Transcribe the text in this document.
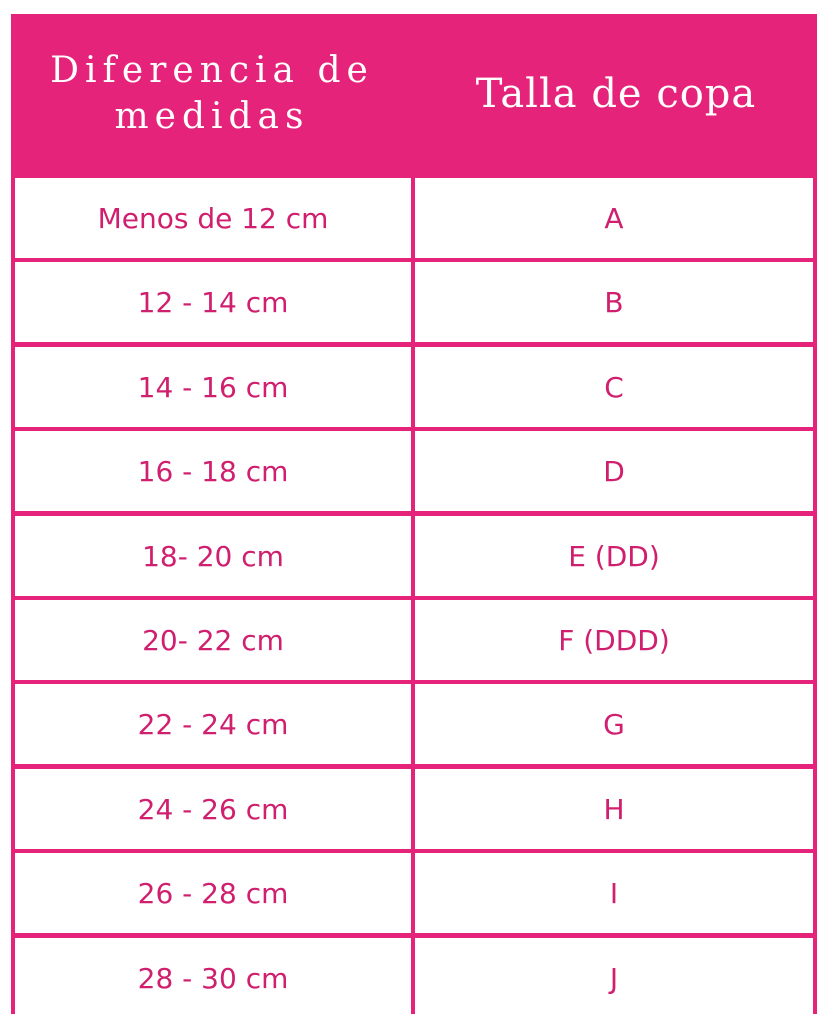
Diferencia de medidas	Talla de copa
Menos de 12 cm	A
12 - 14 cm	B
14 - 16 cm	C
16 - 18 cm	D
18- 20 cm	E (DD)
20- 22 cm	F (DDD)
22 - 24 cm	G
24 - 26 cm	H
26 - 28 cm	I
28 - 30 cm	J
